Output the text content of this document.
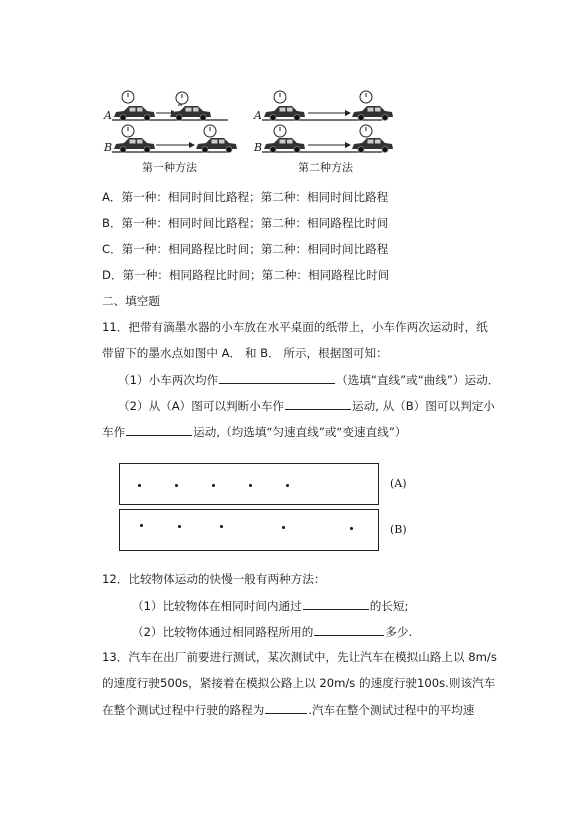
A
B
A
B
第一种方法	第二种方法
A．第一种：相同时间比路程；第二种：相同时间比路程
B．第一种：相同时间比路程；第二种：相同路程比时间
C．第一种：相同路程比时间；第二种：相同时间比路程
D．第一种：相同路程比时间；第二种：相同路程比时间
二、填空题
11．把带有滴墨水器的小车放在水平桌面的纸带上，小车作两次运动时，纸
带留下的墨水点如图中 A． 和 B． 所示，根据图可知：
（1）小车两次均作	（选填“直线”或“曲线”）运动．
（2）从（A）图可以判断小车作	运动, 从（B）图可以判定小
车作	运动,（均选填“匀速直线”或“变速直线”）
(A)
(B)
12．比较物体运动的快慢一般有两种方法：
（1）比较物体在相同时间内通过	的长短;
（2）比较物体通过相同路程所用的	多少.
13．汽车在出厂前要进行测试，某次测试中，先让汽车在模拟山路上以 8m/s
的速度行驶500s，紧接着在模拟公路上以 20m/s 的速度行驶100s.则该汽车
在整个测试过程中行驶的路程为	.汽车在整个测试过程中的平均速
